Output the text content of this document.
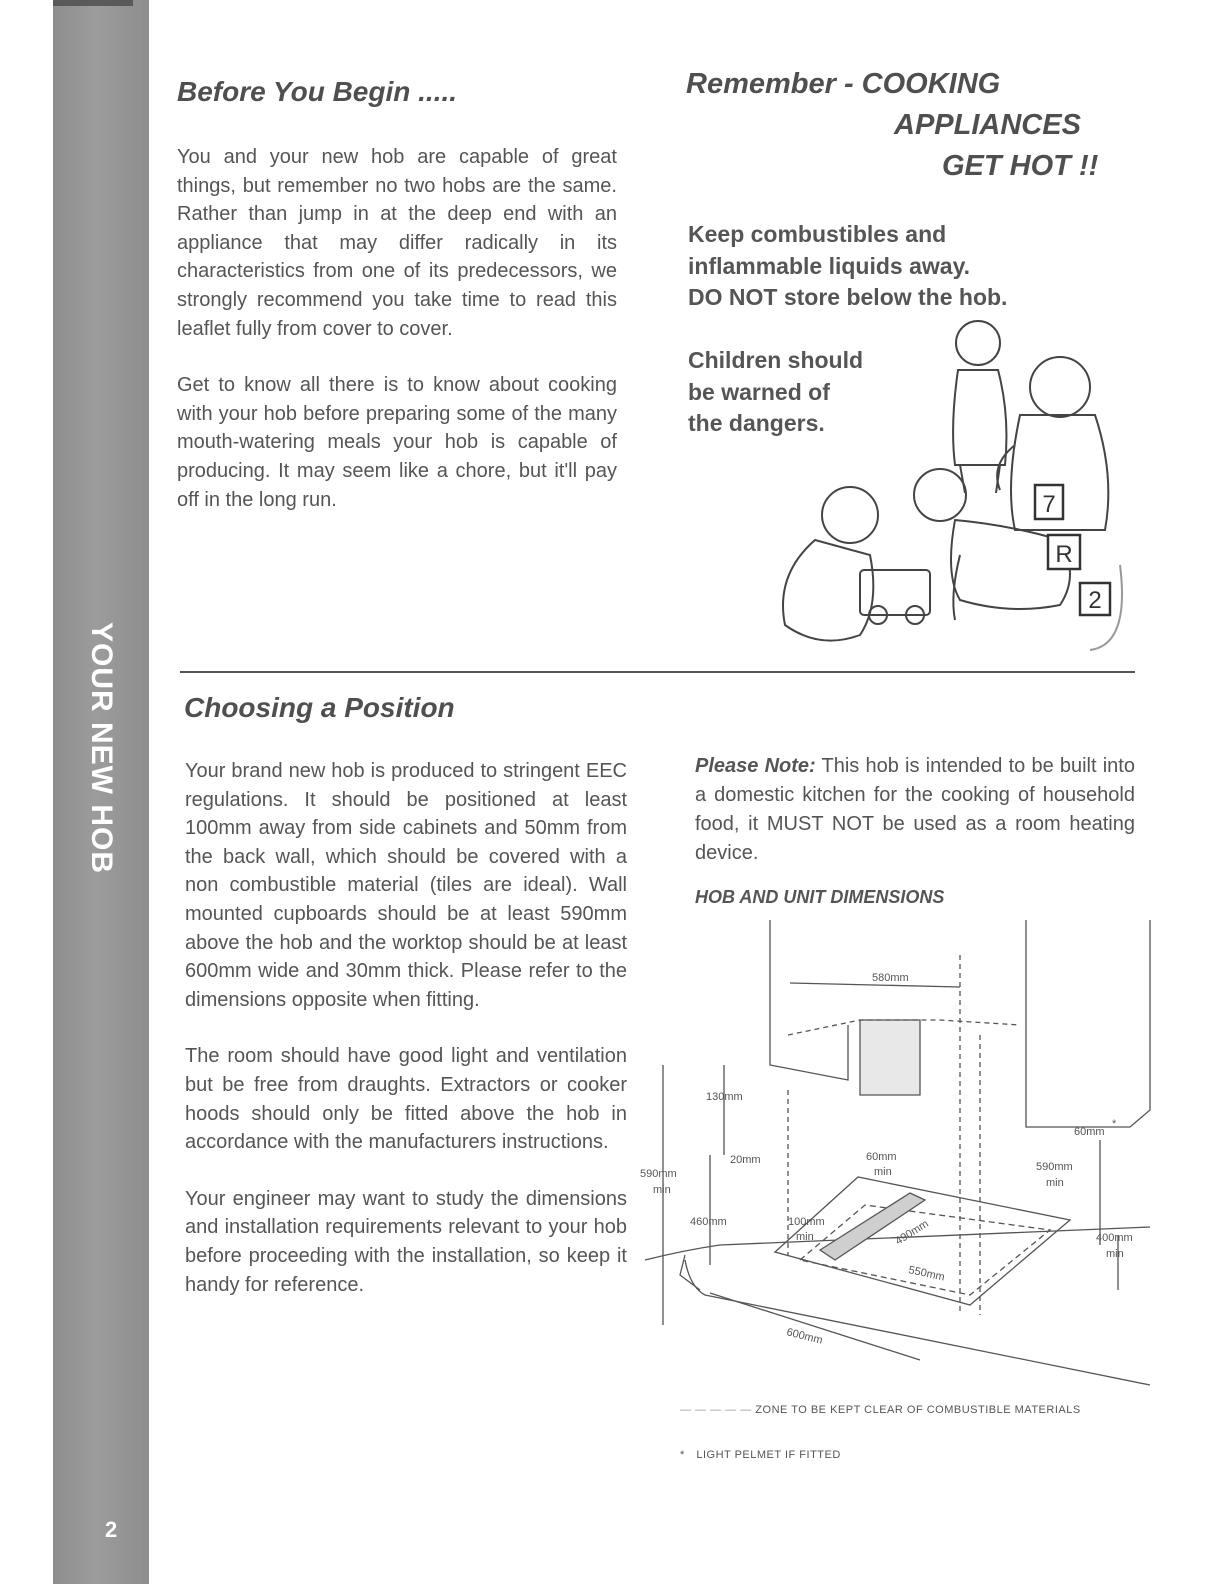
YOUR NEW HOB
2
Before You Begin .....

You and your new hob are capable of great things, but remember no two hobs are the same. Rather than jump in at the deep end with an appliance that may differ radically in its characteristics from one of its predecessors, we strongly recommend you take time to read this leaflet fully from cover to cover.

Get to know all there is to know about cooking with your hob before preparing some of the many mouth-watering meals your hob is capable of producing. It may seem like a chore, but it'll pay off in the long run.

Remember - COOKING
APPLIANCES
GET HOT !!
Keep combustibles and
inflammable liquids away.
DO NOT store below the hob.
Children should
be warned of
the dangers.
7
R
2
Choosing a Position

Your brand new hob is produced to stringent EEC regulations. It should be positioned at least 100mm away from side cabinets and 50mm from the back wall, which should be covered with a non combustible material (tiles are ideal). Wall mounted cupboards should be at least 590mm above the hob and the worktop should be at least 600mm wide and 30mm thick. Please refer to the dimensions opposite when fitting.

The room should have good light and ventilation but be free from draughts. Extractors or cooker hoods should only be fitted above the hob in accordance with the manufacturers instructions.

Your engineer may want to study the dimensions and installation requirements relevant to your hob before proceeding with the installation, so keep it handy for reference.

Please Note: This hob is intended to be built into a domestic kitchen for the cooking of household food, it MUST NOT be used as a room heating device.

HOB AND UNIT DIMENSIONS
580mm
130mm
20mm	60mm
min
60mm
*
590mm
min
590mm
min
460mm	100mm
min	490mm
550mm
400mm
min
600mm
— — — — — ZONE TO BE KEPT CLEAR OF COMBUSTIBLE MATERIALS
* LIGHT PELMET IF FITTED
